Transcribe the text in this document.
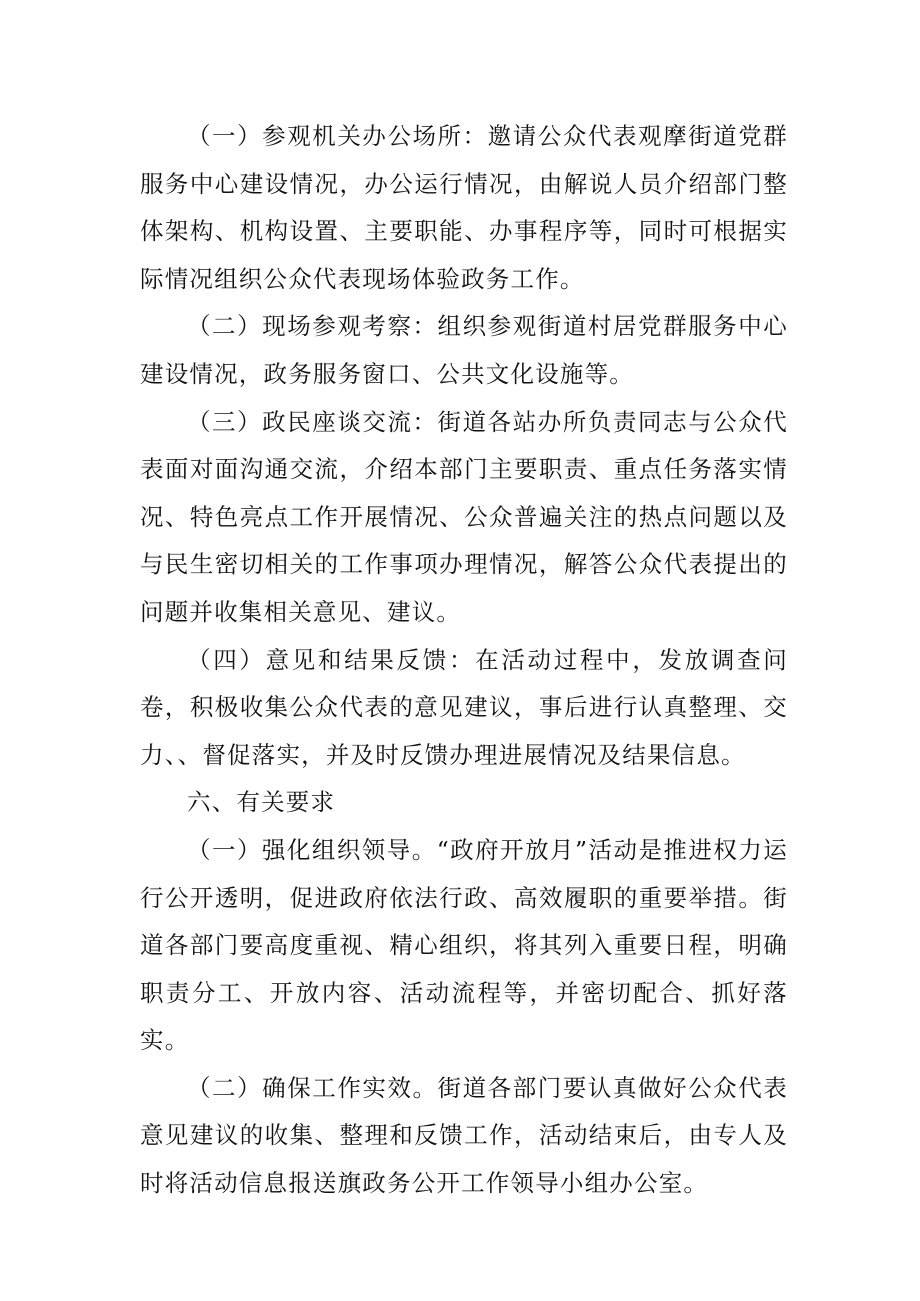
（一）参观机关办公场所：邀请公众代表观摩街道党群服务中心建设情况，办公运行情况，由解说人员介绍部门整体架构、机构设置、主要职能、办事程序等，同时可根据实际情况组织公众代表现场体验政务工作。

（二）现场参观考察：组织参观街道村居党群服务中心建设情况，政务服务窗口、公共文化设施等。

（三）政民座谈交流：街道各站办所负责同志与公众代表面对面沟通交流，介绍本部门主要职责、重点任务落实情况、特色亮点工作开展情况、公众普遍关注的热点问题以及与民生密切相关的工作事项办理情况，解答公众代表提出的问题并收集相关意见、建议。

（四）意见和结果反馈：在活动过程中，发放调查问卷，积极收集公众代表的意见建议，事后进行认真整理、交力、、督促落实，并及时反馈办理进展情况及结果信息。

六、有关要求

（一）强化组织领导。“政府开放月”活动是推进权力运行公开透明，促进政府依法行政、高效履职的重要举措。街道各部门要高度重视、精心组织，将其列入重要日程，明确职责分工、开放内容、活动流程等，并密切配合、抓好落实。

（二）确保工作实效。街道各部门要认真做好公众代表意见建议的收集、整理和反馈工作，活动结束后，由专人及时将活动信息报送旗政务公开工作领导小组办公室。
